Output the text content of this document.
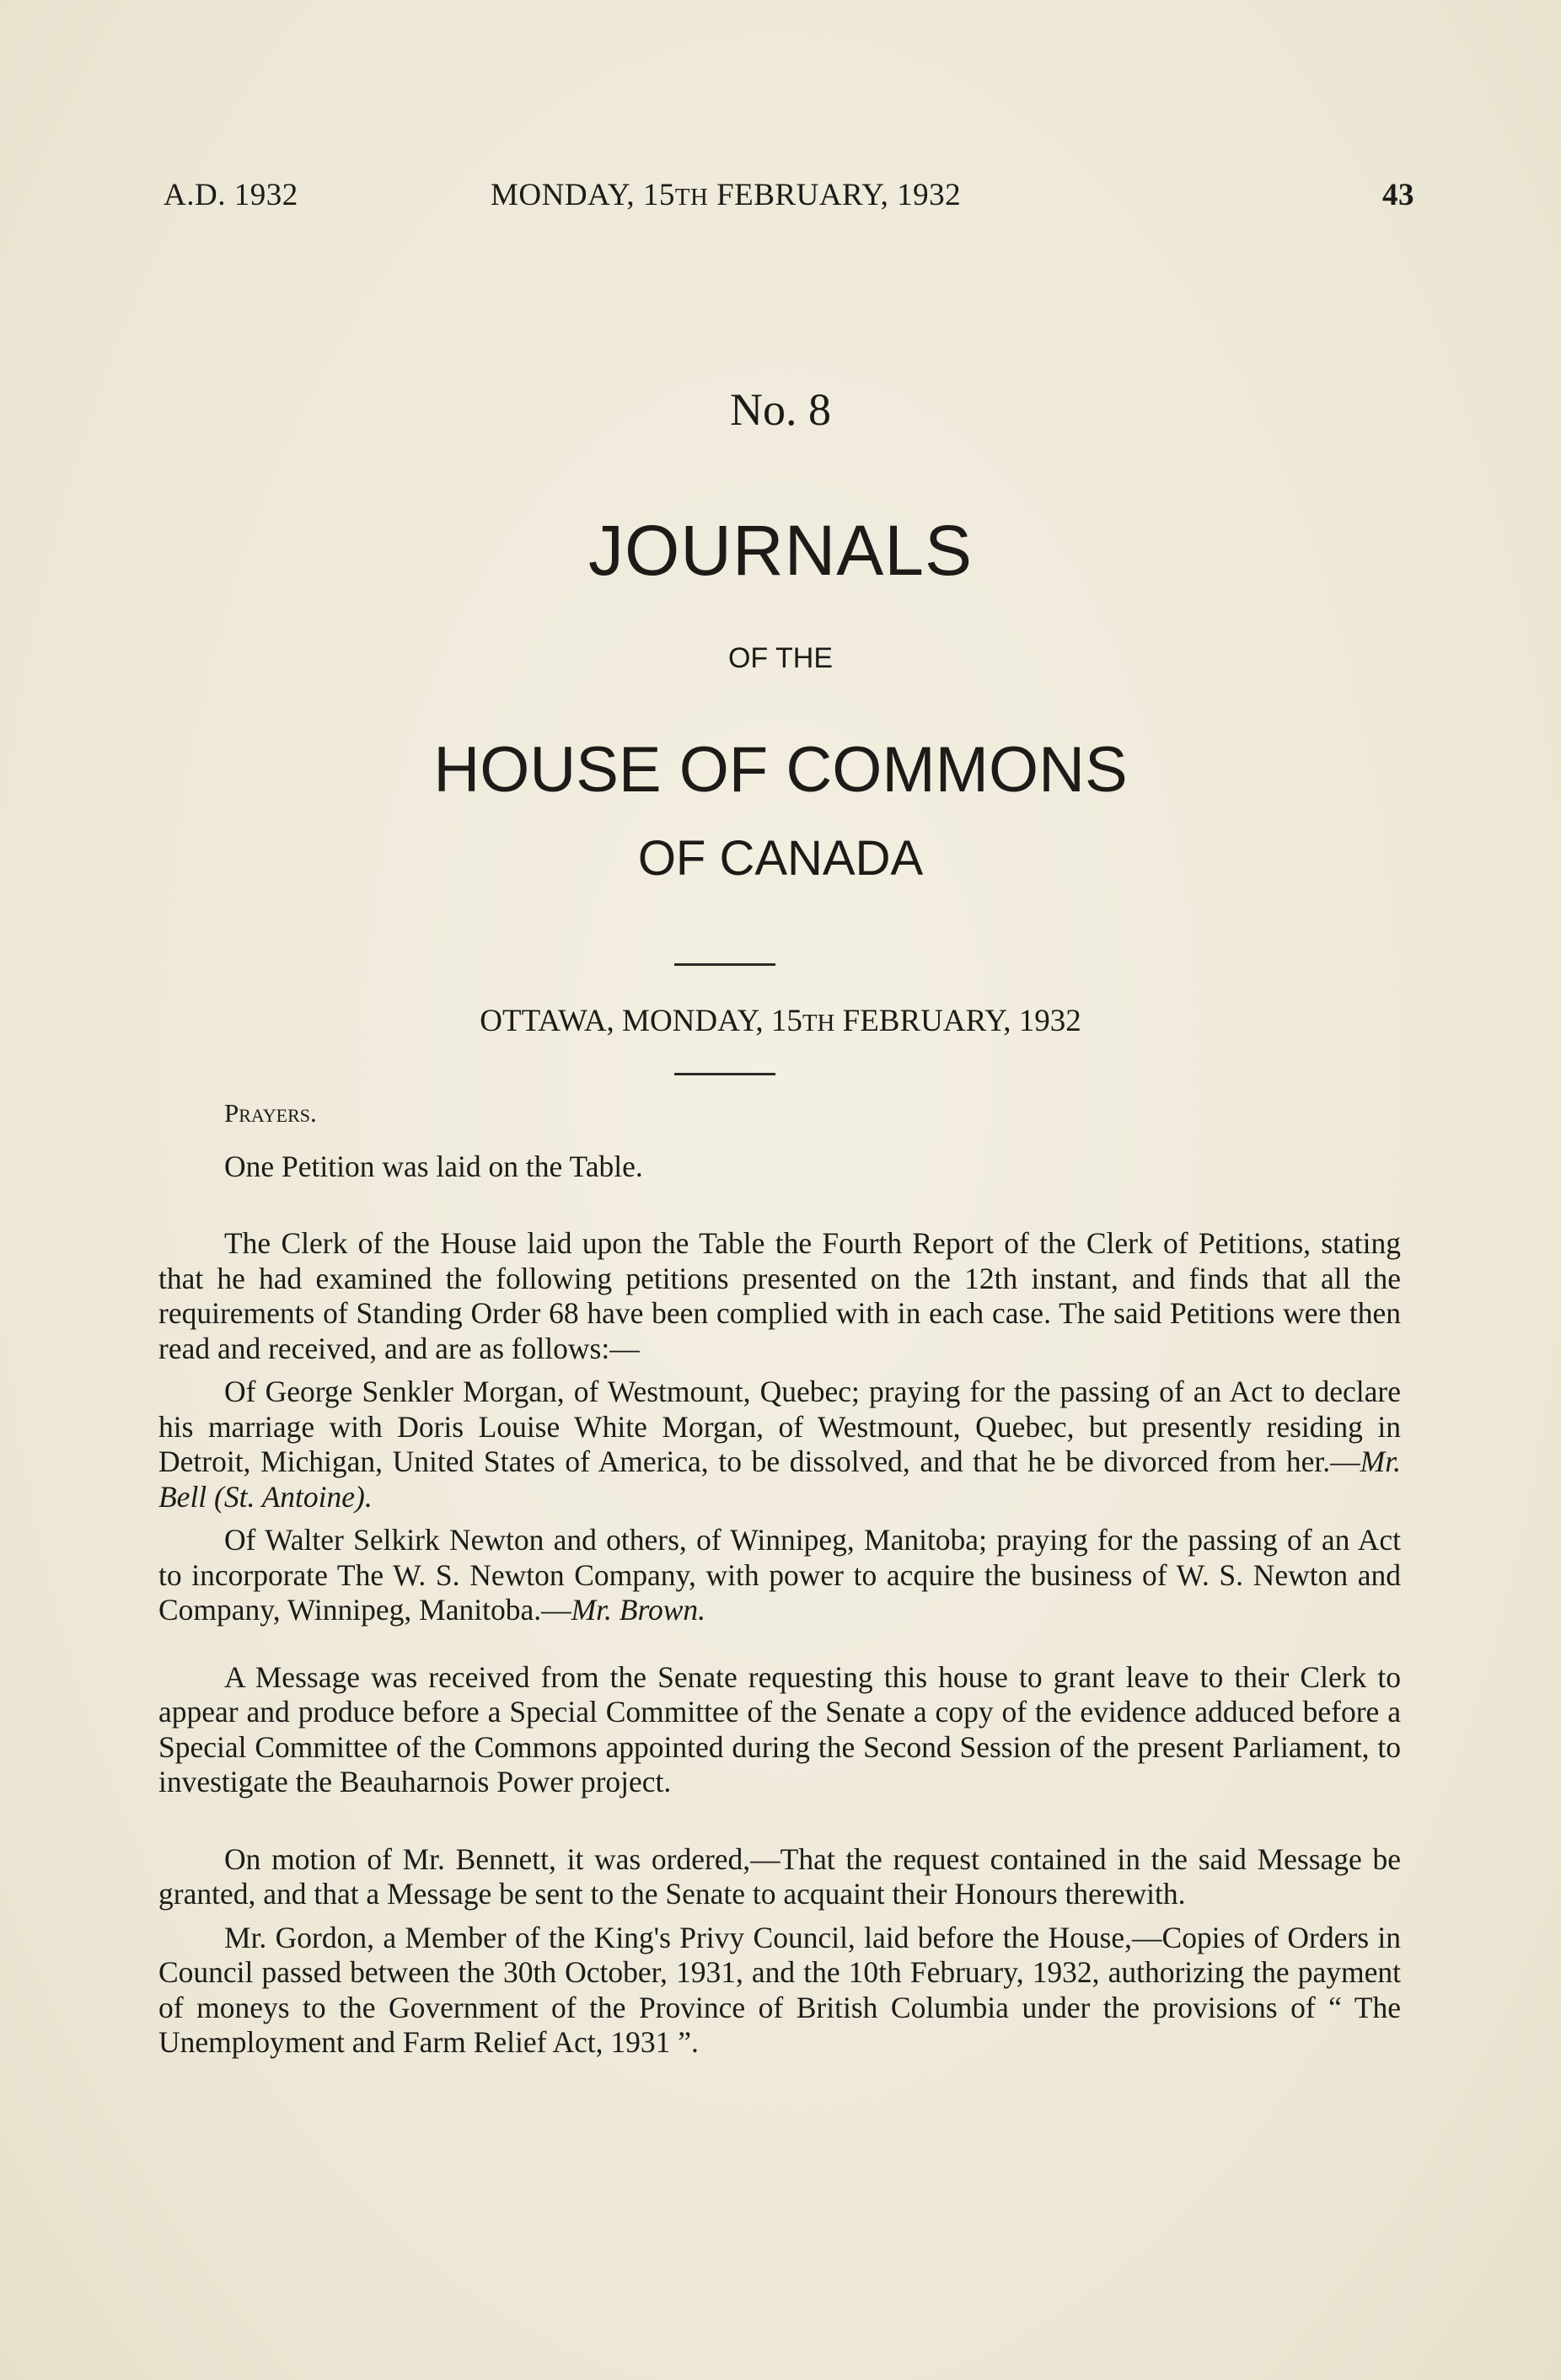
A.D. 1932	MONDAY, 15TH FEBRUARY, 1932	43
No. 8
JOURNALS
OF THE
HOUSE OF COMMONS
OF CANADA
OTTAWA, MONDAY, 15TH FEBRUARY, 1932

Prayers.

One Petition was laid on the Table.

The Clerk of the House laid upon the Table the Fourth Report of the Clerk of Petitions, stating that he had examined the following petitions presented on the 12th instant, and finds that all the requirements of Standing Order 68 have been complied with in each case. The said Petitions were then read and received, and are as follows:—

Of George Senkler Morgan, of Westmount, Quebec; praying for the passing of an Act to declare his marriage with Doris Louise White Morgan, of Westmount, Quebec, but presently residing in Detroit, Michigan, United States of America, to be dissolved, and that he be divorced from her.—Mr. Bell (St. Antoine).

Of Walter Selkirk Newton and others, of Winnipeg, Manitoba; praying for the passing of an Act to incorporate The W. S. Newton Company, with power to acquire the business of W. S. Newton and Company, Winnipeg, Manitoba.—Mr. Brown.

A Message was received from the Senate requesting this house to grant leave to their Clerk to appear and produce before a Special Committee of the Senate a copy of the evidence adduced before a Special Committee of the Commons appointed during the Second Session of the present Parliament, to investigate the Beauharnois Power project.

On motion of Mr. Bennett, it was ordered,—That the request contained in the said Message be granted, and that a Message be sent to the Senate to acquaint their Honours therewith.

Mr. Gordon, a Member of the King's Privy Council, laid before the House,—Copies of Orders in Council passed between the 30th October, 1931, and the 10th February, 1932, authorizing the payment of moneys to the Government of the Province of British Columbia under the provisions of “ The Unemployment and Farm Relief Act, 1931 ”.
